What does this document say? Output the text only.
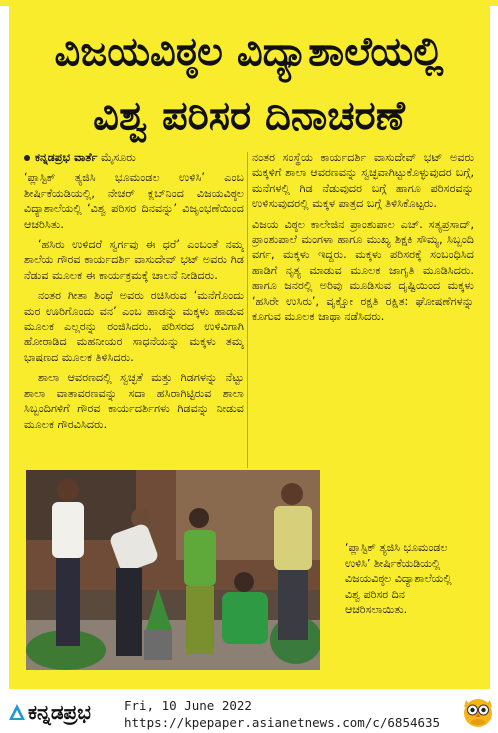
ವಿಜಯವಿಠ್ಠಲ ವಿದ್ಯಾಶಾಲೆಯಲ್ಲಿ
ವಿಶ್ವ ಪರಿಸರ ದಿನಾಚರಣೆ

ಕನ್ನಡಪ್ರಭ ವಾರ್ತೆ ಮೈಸೂರು

‘ಪ್ಲಾಸ್ಟಿಕ್ ತ್ಯಜಿಸಿ ಭೂಮಂಡಲ ಉಳಿಸಿ’ ಎಂಬ ಶೀರ್ಷಿಕೆಯಡಿಯಲ್ಲಿ, ನೇಚರ್ ಕ್ಲಬ್‌ನಿಂದ ವಿಜಯವಿಠ್ಠಲ ವಿದ್ಯಾಶಾಲೆಯಲ್ಲಿ ‘ವಿಶ್ವ ಪರಿಸರ ದಿನವನ್ನು’ ವಿಜೃಂಭಣೆಯಿಂದ ಆಚರಿಸಿತು.

‘ಹಸಿರು ಉಳಿದರೆ ಸ್ವರ್ಗವು ಈ ಧರೆ’ ಎಂಬಂತೆ ನಮ್ಮ ಶಾಲೆಯ ಗೌರವ ಕಾರ್ಯದರ್ಶಿ ವಾಸುದೇವ್ ಭಟ್ ಅವರು ಗಿಡ ನೆಡುವ ಮೂಲಕ ಈ ಕಾರ್ಯಕ್ರಮಕ್ಕೆ ಚಾಲನೆ ನೀಡಿದರು.

ನಂತರ ಗೀತಾ ಶಿಂಧೆ ಅವರು ರಚಿಸಿರುವ ‘ಮನೆಗೊಂದು ಮರ ಊರಿಗೊಂದು ವನ’ ಎಂಬ ಹಾಡನ್ನು ಮಕ್ಕಳು ಹಾಡುವ ಮೂಲಕ ಎಲ್ಲರನ್ನು ರಂಜಿಸಿದರು. ಪರಿಸರದ ಉಳಿವಿಗಾಗಿ ಹೋರಾಡಿದ ಮಹನೀಯರ ಸಾಧನೆಯನ್ನು ಮಕ್ಕಳು ತಮ್ಮ ಭಾಷಣದ ಮೂಲಕ ತಿಳಿಸಿದರು.

ಶಾಲಾ ಆವರಣದಲ್ಲಿ ಸ್ವಚ್ಛತೆ ಮತ್ತು ಗಿಡಗಳನ್ನು ನೆಟ್ಟು ಶಾಲಾ ವಾತಾವರಣವನ್ನು ಸದಾ ಹಸಿರಾಗಿಟ್ಟಿರುವ ಶಾಲಾ ಸಿಬ್ಬಂದಿಗಳಿಗೆ ಗೌರವ ಕಾರ್ಯದರ್ಶಿಗಳು ಗಿಡವನ್ನು ನೀಡುವ ಮೂಲಕ ಗೌರವಿಸಿದರು.

ನಂತರ ಸಂಸ್ಥೆಯ ಕಾರ್ಯದರ್ಶಿ ವಾಸುದೇವ್ ಭಟ್ ಅವರು ಮಕ್ಕಳಿಗೆ ಶಾಲಾ ಆವರಣವನ್ನು ಸ್ವಚ್ಛವಾಗಿಟ್ಟುಕೊಳ್ಳುವುದರ ಬಗ್ಗೆ, ಮನೆಗಳಲ್ಲಿ ಗಿಡ ನೆಡುವುದರ ಬಗ್ಗೆ ಹಾಗೂ ಪರಿಸರವನ್ನು ಉಳಿಸುವುದರಲ್ಲಿ ಮಕ್ಕಳ ಪಾತ್ರದ ಬಗ್ಗೆ ತಿಳಿಸಿಕೊಟ್ಟರು.

ವಿಜಯ ವಿಠ್ಠಲ ಕಾಲೇಜಿನ ಪ್ರಾಂಶುಪಾಲ ಎಚ್. ಸತ್ಯಪ್ರಸಾದ್, ಪ್ರಾಂಶುಪಾಲೆ ಮಂಗಳಾ ಹಾಗೂ ಮುಖ್ಯ ಶಿಕ್ಷಕಿ ಸೌಮ್ಯ, ಸಿಬ್ಬಂದಿ ವರ್ಗ, ಮಕ್ಕಳು ಇದ್ದರು. ಮಕ್ಕಳು ಪರಿಸರಕ್ಕೆ ಸಂಬಂಧಿಸಿದ ಹಾಡಿಗೆ ನೃತ್ಯ ಮಾಡುವ ಮೂಲಕ ಜಾಗೃತಿ ಮೂಡಿಸಿದರು. ಹಾಗೂ ಜನರಲ್ಲಿ ಅರಿವು ಮೂಡಿಸುವ ದೃಷ್ಟಿಯಿಂದ ಮಕ್ಕಳು ‘ಹಸಿರೇ ಉಸಿರು’, ವೃಕ್ಷೋ ರಕ್ಷತಿ ರಕ್ಷಿತ: ಘೋಷಣೆಗಳನ್ನು ಕೂಗುವ ಮೂಲಕ ಜಾಥಾ ನಡೆಸಿದರು.

‘ಪ್ಲಾಸ್ಟಿಕ್ ತ್ಯಜಿಸಿ ಭೂಮಂಡಲ ಉಳಿಸಿ’ ಶೀರ್ಷಿಕೆಯಡಿಯಲ್ಲಿ ವಿಜಯವಿಠ್ಠಲ ವಿದ್ಯಾಶಾಲೆಯಲ್ಲಿ ವಿಶ್ವ ಪರಿಸರ ದಿನ ಆಚರಿಸಲಾಯಿತು.
ಕನ್ನಡಪ್ರಭ	Fri, 10 June 2022
https://kpepaper.asianetnews.com/c/6854635
